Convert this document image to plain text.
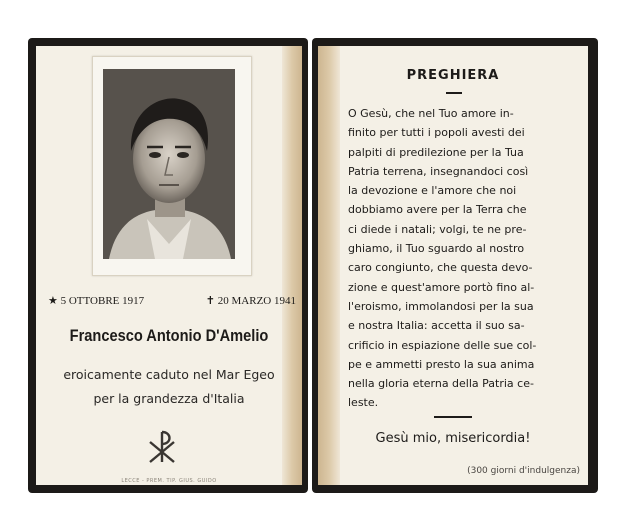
★ 5 OTTOBRE 1917	✝ 20 MARZO 1941
Francesco Antonio D'Amelio
eroicamente caduto nel Mar Egeo
per la grandezza d'Italia
LECCE - PREM. TIP. GIUS. GUIDO
PREGHIERA
O Gesù, che nel Tuo amore in-
finito per tutti i popoli avesti dei
palpiti di predilezione per la Tua
Patria terrena, insegnandoci così
la devozione e l'amore che noi
dobbiamo avere per la Terra che
ci diede i natali; volgi, te ne pre-
ghiamo, il Tuo sguardo al nostro
caro congiunto, che questa devo-
zione e quest'amore portò fino al-
l'eroismo, immolandosi per la sua
e nostra Italia: accetta il suo sa-
crificio in espiazione delle sue col-
pe e ammetti presto la sua anima
nella gloria eterna della Patria ce-
leste.
Gesù mio, misericordia!
(300 giorni d'indulgenza)
